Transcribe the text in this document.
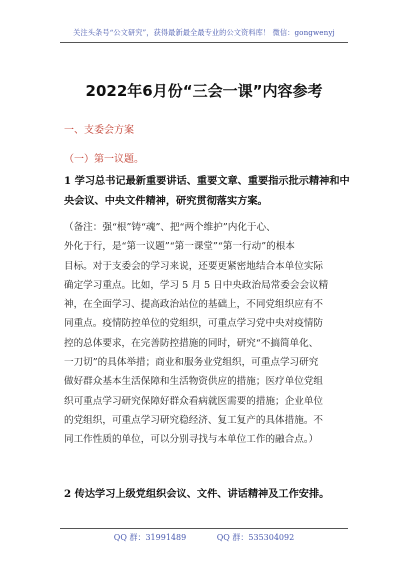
关注头条号“公文研究”，获得最新最全最专业的公文资料库！ 微信：gongwenyj
2022年6月份“三会一课”内容参考
一、支委会方案
（一）第一议题。
1 学习总书记最新重要讲话、重要文章、重要指示批示精神和中
央会议、中央文件精神，研究贯彻落实方案。
（备注：强“根”铸“魂”、把“两个维护”内化于心、
外化于行，是“第一议题”“第一课堂”“第一行动”的根本
目标。对于支委会的学习来说，还要更紧密地结合本单位实际
确定学习重点。比如，学习 5 月 5 日中央政治局常委会会议精
神，在全面学习、提高政治站位的基础上，不同党组织应有不
同重点。疫情防控单位的党组织，可重点学习党中央对疫情防
控的总体要求，在完善防控措施的同时，研究“不搞简单化、
一刀切”的具体举措；商业和服务业党组织，可重点学习研究
做好群众基本生活保障和生活物资供应的措施；医疗单位党组
织可重点学习研究保障好群众看病就医需要的措施；企业单位
的党组织，可重点学习研究稳经济、复工复产的具体措施。不
同工作性质的单位，可以分别寻找与本单位工作的融合点。）
2 传达学习上级党组织会议、文件、讲话精神及工作安排。
QQ 群：31991489	QQ 群：535304092
